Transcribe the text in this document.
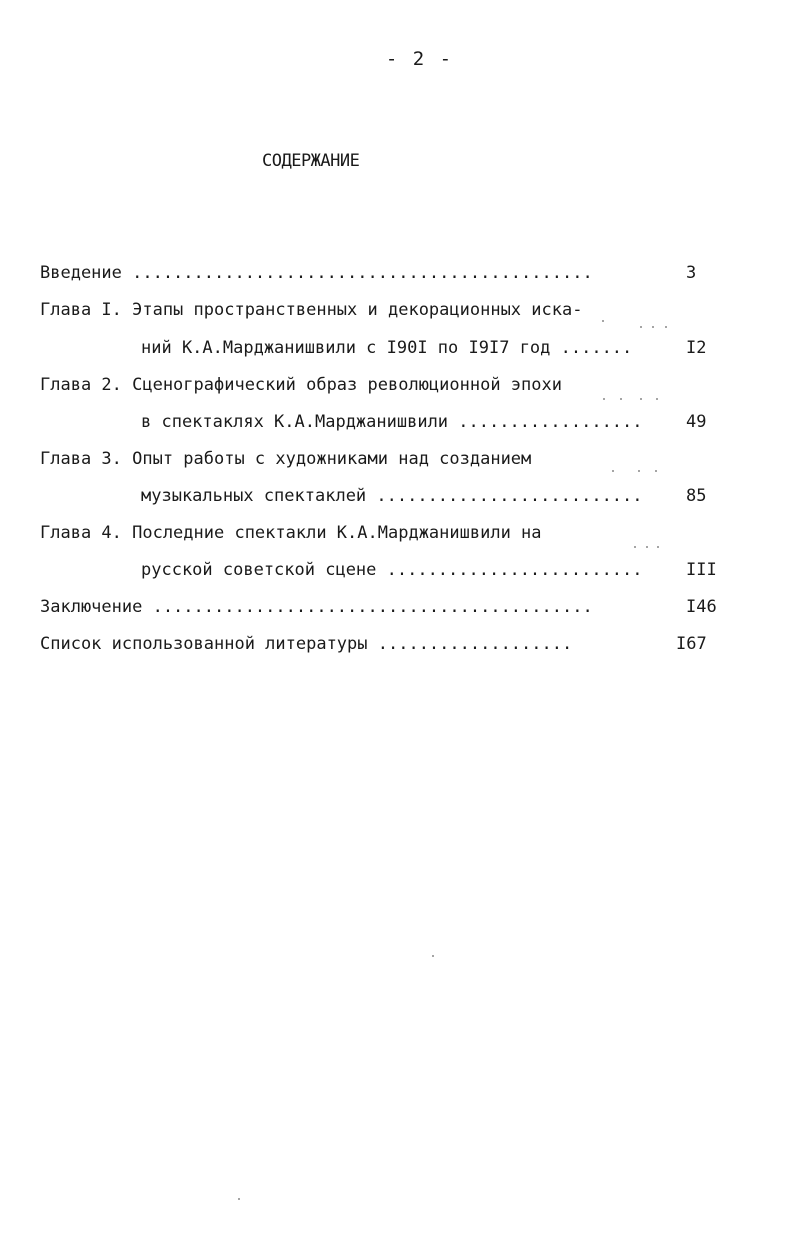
- 2 -
СОДЕРЖАНИЕ
Введение .............................................	3
Глава I. Этапы пространственных и декорационных иска-
ний К.А.Марджанишвили с I90I по I9I7 год .......	I2
Глава 2. Сценографический образ революционной эпохи
в спектаклях К.А.Марджанишвили ..................	49
Глава 3. Опыт работы с художниками над созданием
музыкальных спектаклей ..........................	85
Глава 4. Последние спектакли К.А.Марджанишвили на
русской советской сцене .........................	III
Заключение ...........................................	I46
Список использованной литературы ...................	I67
